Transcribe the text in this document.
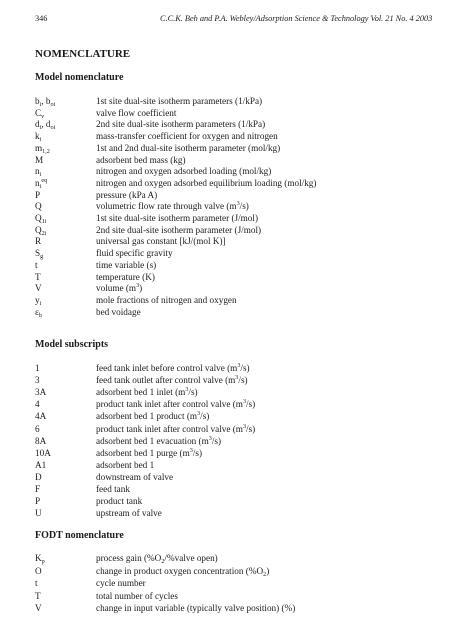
346	C.C.K. Beh and P.A. Webley/Adsorption Science & Technology Vol. 21 No. 4 2003
NOMENCLATURE
Model nomenclature
$b_i$, $b_{oi}$	1st site dual-site isotherm parameters (1/kPa)
$C_v$	valve flow coefficient
$d_i$, $d_{oi}$	2nd site dual-site isotherm parameters (1/kPa)
$k_i$	mass-transfer coefficient for oxygen and nitrogen
$m_{1,2}$	1st and 2nd dual-site isotherm parameter (mol/kg)
M	adsorbent bed mass (kg)
$n_i$	nitrogen and oxygen adsorbed loading (mol/kg)
$n_i^{eq}$	nitrogen and oxygen adsorbed equilibrium loading (mol/kg)
P	pressure (kPa A)
Q	volumetric flow rate through valve $(m^3/s)$
$Q_{1i}$	1st site dual-site isotherm parameter (J/mol)
$Q_{2i}$	2nd site dual-site isotherm parameter (J/mol)
R	universal gas constant [kJ/(mol K)]
$S_g$	fluid specific gravity
t	time variable (s)
T	temperature (K)
V	volume $(m^3)$
$y_i$	mole fractions of nitrogen and oxygen
$\varepsilon_b$	bed voidage
Model subscripts
1	feed tank inlet before control valve $(m^3/s)$
3	feed tank outlet after control valve $(m^3/s)$
3A	adsorbent bed 1 inlet $(m^3/s)$
4	product tank inlet after control valve $(m^3/s)$
4A	adsorbent bed 1 product $(m^3/s)$
6	product tank inlet after control valve $(m^3/s)$
8A	adsorbent bed 1 evacuation $(m^3/s)$
10A	adsorbent bed 1 purge $(m^3/s)$
A1	adsorbent bed 1
D	downstream of valve
F	feed tank
P	product tank
U	upstream of valve
FODT nomenclature
$K_p$	process gain ($\%O_2/\%valve$ open)
O	change in product oxygen concentration $(\%O_2)$
t	cycle number
T	total number of cycles
V	change in input variable (typically valve position) (%)
